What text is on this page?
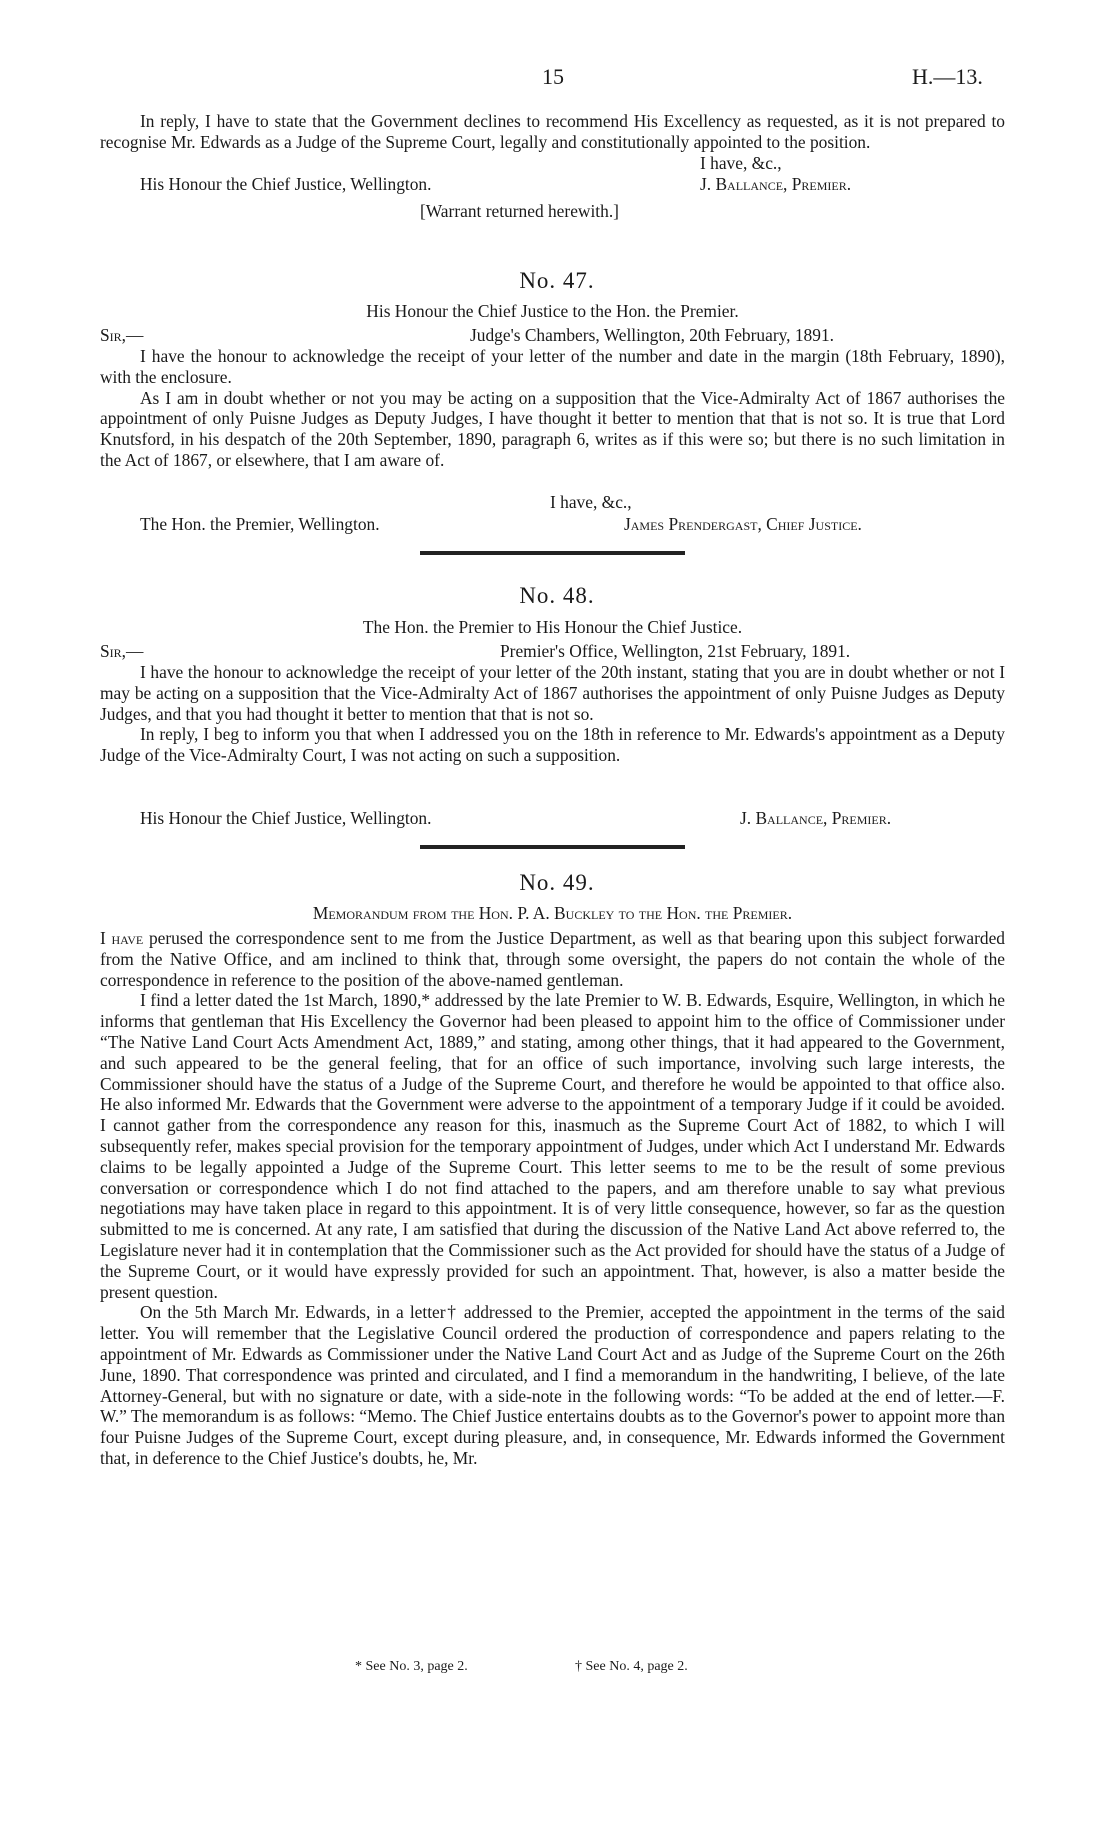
15	H.—13.

In reply, I have to state that the Government declines to recommend His Excellency as requested, as it is not prepared to recognise Mr. Edwards as a Judge of the Supreme Court, legally and constitutionally appointed to the position.

I have, &c.,
His Honour the Chief Justice, Wellington.	J. Ballance, Premier.
[Warrant returned herewith.]
No. 47.
His Honour the Chief Justice to the Hon. the Premier.
Sir,—	Judge's Chambers, Wellington, 20th February, 1891.

I have the honour to acknowledge the receipt of your letter of the number and date in the margin (18th February, 1890), with the enclosure.

As I am in doubt whether or not you may be acting on a supposition that the Vice-Admiralty Act of 1867 authorises the appointment of only Puisne Judges as Deputy Judges, I have thought it better to mention that that is not so. It is true that Lord Knutsford, in his despatch of the 20th September, 1890, paragraph 6, writes as if this were so; but there is no such limitation in the Act of 1867, or elsewhere, that I am aware of.

I have, &c.,
The Hon. the Premier, Wellington.	James Prendergast, Chief Justice.
No. 48.
The Hon. the Premier to His Honour the Chief Justice.
Sir,—	Premier's Office, Wellington, 21st February, 1891.

I have the honour to acknowledge the receipt of your letter of the 20th instant, stating that you are in doubt whether or not I may be acting on a supposition that the Vice-Admiralty Act of 1867 authorises the appointment of only Puisne Judges as Deputy Judges, and that you had thought it better to mention that that is not so.

In reply, I beg to inform you that when I addressed you on the 18th in reference to Mr. Edwards's appointment as a Deputy Judge of the Vice-Admiralty Court, I was not acting on such a supposition.

His Honour the Chief Justice, Wellington.	J. Ballance, Premier.
No. 49.
Memorandum from the Hon. P. A. Buckley to the Hon. the Premier.

I have perused the correspondence sent to me from the Justice Department, as well as that bearing upon this subject forwarded from the Native Office, and am inclined to think that, through some oversight, the papers do not contain the whole of the correspondence in reference to the position of the above-named gentleman.

I find a letter dated the 1st March, 1890,* addressed by the late Premier to W. B. Edwards, Esquire, Wellington, in which he informs that gentleman that His Excellency the Governor had been pleased to appoint him to the office of Commissioner under “The Native Land Court Acts Amendment Act, 1889,” and stating, among other things, that it had appeared to the Government, and such appeared to be the general feeling, that for an office of such importance, involving such large interests, the Commissioner should have the status of a Judge of the Supreme Court, and therefore he would be appointed to that office also. He also informed Mr. Edwards that the Government were adverse to the appointment of a temporary Judge if it could be avoided. I cannot gather from the correspondence any reason for this, inasmuch as the Supreme Court Act of 1882, to which I will subsequently refer, makes special provision for the temporary appointment of Judges, under which Act I understand Mr. Edwards claims to be legally appointed a Judge of the Supreme Court. This letter seems to me to be the result of some previous conversation or correspondence which I do not find attached to the papers, and am therefore unable to say what previous negotiations may have taken place in regard to this appointment. It is of very little consequence, however, so far as the question submitted to me is concerned. At any rate, I am satisfied that during the discussion of the Native Land Act above referred to, the Legislature never had it in contemplation that the Commissioner such as the Act provided for should have the status of a Judge of the Supreme Court, or it would have expressly provided for such an appointment. That, however, is also a matter beside the present question.

On the 5th March Mr. Edwards, in a letter† addressed to the Premier, accepted the appointment in the terms of the said letter. You will remember that the Legislative Council ordered the production of correspondence and papers relating to the appointment of Mr. Edwards as Commissioner under the Native Land Court Act and as Judge of the Supreme Court on the 26th June, 1890. That correspondence was printed and circulated, and I find a memorandum in the handwriting, I believe, of the late Attorney-General, but with no signature or date, with a side-note in the following words: “To be added at the end of letter.—F. W.” The memorandum is as follows: “Memo. The Chief Justice entertains doubts as to the Governor's power to appoint more than four Puisne Judges of the Supreme Court, except during pleasure, and, in consequence, Mr. Edwards informed the Government that, in deference to the Chief Justice's doubts, he, Mr.

* See No. 3, page 2.	† See No. 4, page 2.
